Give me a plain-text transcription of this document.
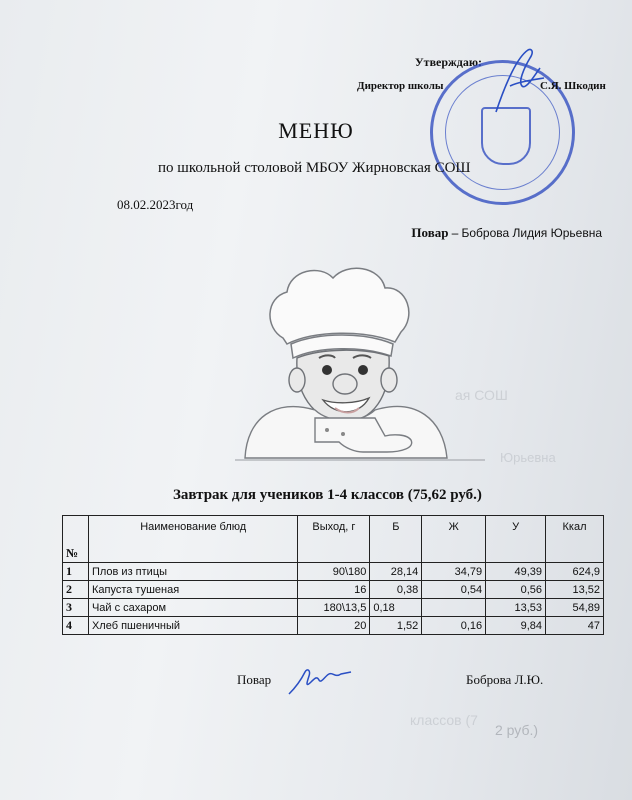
ая СОШ
Юрьевна
классов (7
2 руб.)
Утверждаю:
Директор школы	С.Я. Шкодин
МЕНЮ
по школьной столовой МБОУ Жирновская СОШ
08.02.2023год
Повар – Боброва Лидия Юрьевна
Завтрак для учеников 1-4 классов (75,62 руб.)
№	Наименование блюд	Выход, г	Б	Ж	У	Ккал
1	Плов из птицы	90\180	28,14	34,79	49,39	624,9
2	Капуста тушеная	16	0,38	0,54	0,56	13,52
3	Чай с сахаром	180\13,5	0,18		13,53	54,89
4	Хлеб пшеничный	20	1,52	0,16	9,84	47
Повар	Боброва Л.Ю.
